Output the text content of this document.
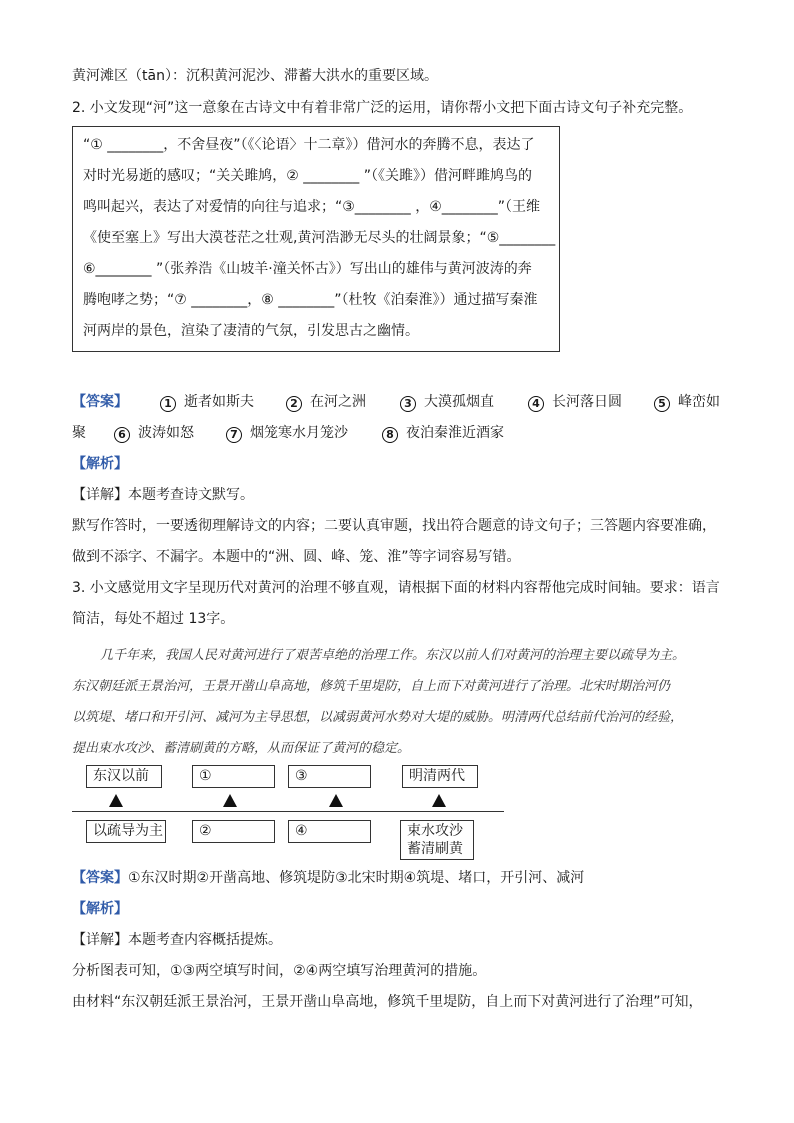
黄河滩区（tān）：沉积黄河泥沙、滞蓄大洪水的重要区域。
2. 小文发现“河”这一意象在古诗文中有着非常广泛的运用，请你帮小文把下面古诗文句子补充完整。
“① ________，不舍昼夜”（《〈论语〉十二章》）借河水的奔腾不息，表达了
对时光易逝的感叹；“关关雎鸠，② ________ ”（《关雎》）借河畔雎鸠鸟的
鸣叫起兴，表达了对爱情的向往与追求；“③________ ，④________”（王维
《使至塞上》写出大漠苍茫之壮观,黄河浩渺无尽头的壮阔景象；“⑤________
⑥________ ”（张养浩《山坡羊·潼关怀古》）写出山的雄伟与黄河波涛的奔
腾咆哮之势；“⑦ ________，⑧ ________”（杜牧《泊秦淮》）通过描写秦淮
河两岸的景色，渲染了凄清的气氛，引发思古之幽情。
【答案】	1 逝者如斯夫	2 在河之洲	3 大漠孤烟直	4 长河落日圆	5 峰峦如
聚	6 波涛如怒	7 烟笼寒水月笼沙	8 夜泊秦淮近酒家
【解析】
【详解】本题考查诗文默写。
默写作答时，一要透彻理解诗文的内容；二要认真审题，找出符合题意的诗文句子；三答题内容要准确，
做到不添字、不漏字。本题中的“洲、圆、峰、笼、淮”等字词容易写错。
3. 小文感觉用文字呈现历代对黄河的治理不够直观，请根据下面的材料内容帮他完成时间轴。要求：语言
简洁，每处不超过 13字。
几千年来，我国人民对黄河进行了艰苦卓绝的治理工作。东汉以前人们对黄河的治理主要以疏导为主。
东汉朝廷派王景治河，王景开凿山阜高地，修筑千里堤防，自上而下对黄河进行了治理。北宋时期治河仍
以筑堤、堵口和开引河、减河为主导思想，以减弱黄河水势对大堤的威胁。明清两代总结前代治河的经验，
提出束水攻沙、蓄清刷黄的方略，从而保证了黄河的稳定。
东汉以前	①	③	明清两代
以疏导为主	②	④	束水攻沙
蓄清刷黄
【答案】①东汉时期②开凿高地、修筑堤防③北宋时期④筑堤、堵口，开引河、减河
【解析】
【详解】本题考查内容概括提炼。
分析图表可知，①③两空填写时间，②④两空填写治理黄河的措施。
由材料“东汉朝廷派王景治河，王景开凿山阜高地，修筑千里堤防，自上而下对黄河进行了治理”可知，
